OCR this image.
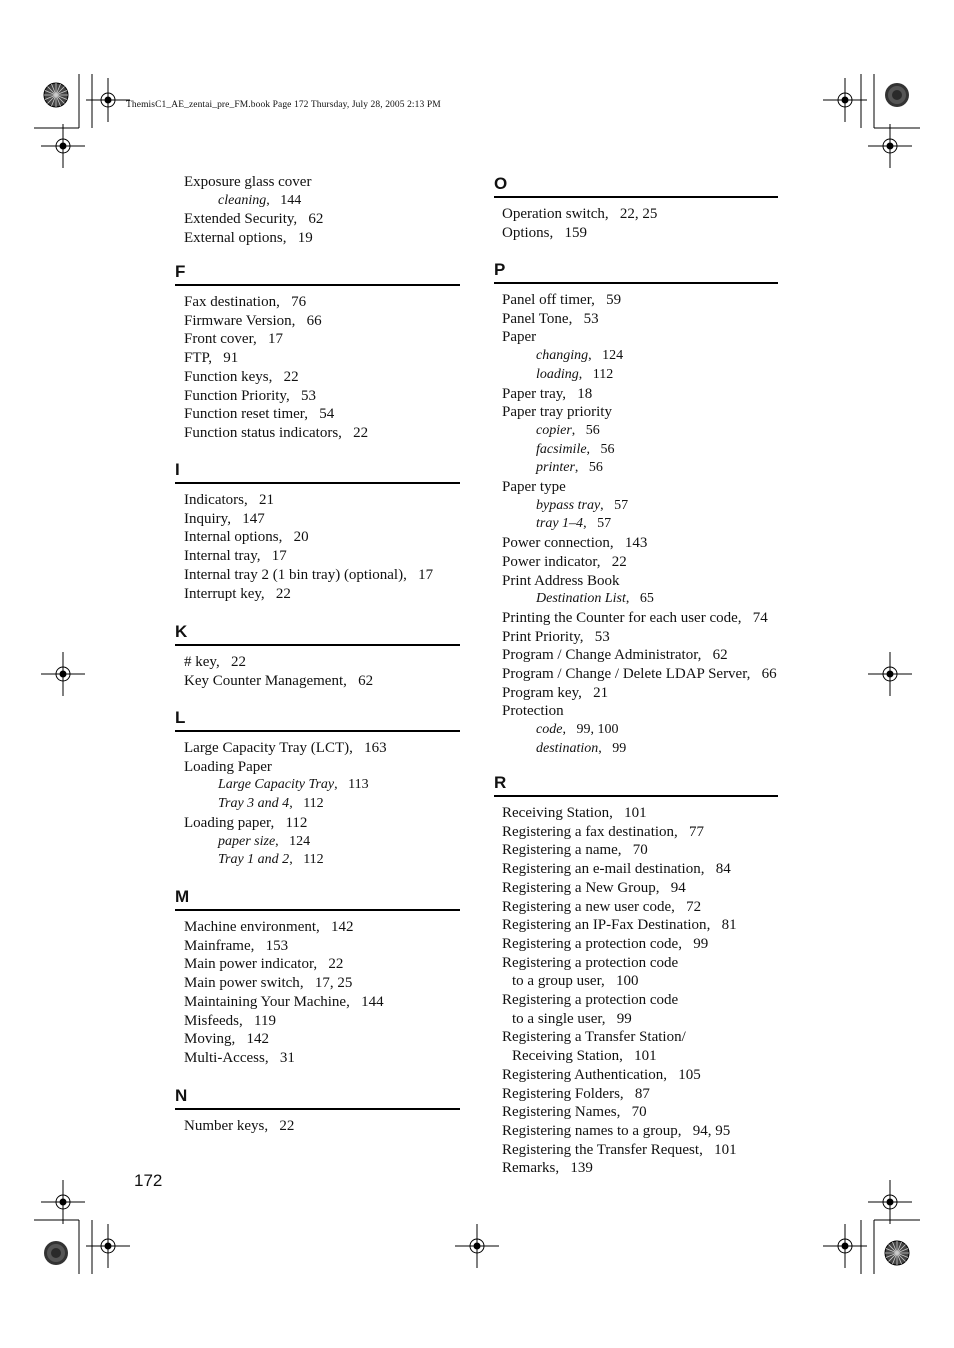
ThemisC1_AE_zentai_pre_FM.book Page 172 Thursday, July 28, 2005 2:13 PM
Exposure glass cover
cleaning,   144
Extended Security,   62
External options,   19
F
Fax destination,   76
Firmware Version,   66
Front cover,   17
FTP,   91
Function keys,   22
Function Priority,   53
Function reset timer,   54
Function status indicators,   22
I
Indicators,   21
Inquiry,   147
Internal options,   20
Internal tray,   17
Internal tray 2 (1 bin tray) (optional),   17
Interrupt key,   22
K
# key,   22
Key Counter Management,   62
L
Large Capacity Tray (LCT),   163
Loading Paper
Large Capacity Tray,   113
Tray 3 and 4,   112
Loading paper,   112
paper size,   124
Tray 1 and 2,   112
M
Machine environment,   142
Mainframe,   153
Main power indicator,   22
Main power switch,   17, 25
Maintaining Your Machine,   144
Misfeeds,   119
Moving,   142
Multi-Access,   31
N
Number keys,   22
O
Operation switch,   22, 25
Options,   159
P
Panel off timer,   59
Panel Tone,   53
Paper
changing,   124
loading,   112
Paper tray,   18
Paper tray priority
copier,   56
facsimile,   56
printer,   56
Paper type
bypass tray,   57
tray 1–4,   57
Power connection,   143
Power indicator,   22
Print Address Book
Destination List,   65
Printing the Counter for each user code,   74
Print Priority,   53
Program / Change Administrator,   62
Program / Change / Delete LDAP Server,   66
Program key,   21
Protection
code,   99, 100
destination,   99
R
Receiving Station,   101
Registering a fax destination,   77
Registering a name,   70
Registering an e-mail destination,   84
Registering a New Group,   94
Registering a new user code,   72
Registering an IP-Fax Destination,   81
Registering a protection code,   99
Registering a protection code
to a group user,   100
Registering a protection code
to a single user,   99
Registering a Transfer Station/
Receiving Station,   101
Registering Authentication,   105
Registering Folders,   87
Registering Names,   70
Registering names to a group,   94, 95
Registering the Transfer Request,   101
Remarks,   139
172
